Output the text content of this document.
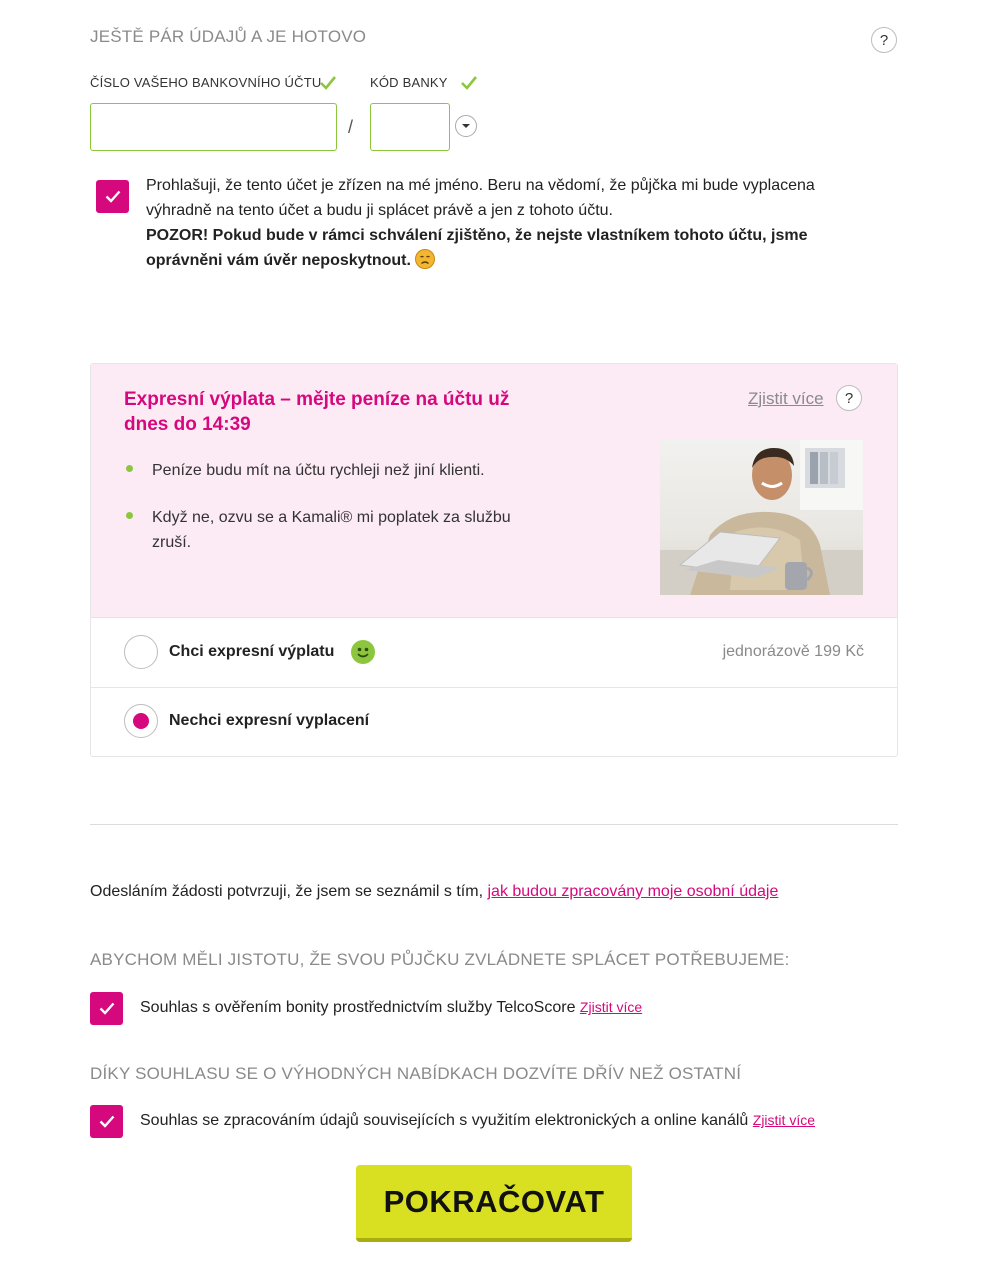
JEŠTĚ PÁR ÚDAJŮ A JE HOTOVO	?
ČÍSLO VAŠEHO BANKOVNÍHO ÚČTU	KÓD BANKY
/
Prohlašuji, že tento účet je zřízen na mé jméno. Beru na vědomí, že půjčka mi bude vyplacena výhradně na tento účet a budu ji splácet právě a jen z tohoto účtu.
POZOR! Pokud bude v rámci schválení zjištěno, že nejste vlastníkem tohoto účtu, jsme oprávněni vám úvěr neposkytnout.
Expresní výplata – mějte peníze na účtu už
dnes do 14:39
Zjistit více	?
Peníze budu mít na účtu rychleji než jiní klienti.
Když ne, ozvu se a Kamali® mi poplatek za službu zruší.
Chci expresní výplatu	jednorázově 199 Kč
Nechci expresní vyplacení
Odesláním žádosti potvrzuji, že jsem se seznámil s tím, jak budou zpracovány moje osobní údaje
ABYCHOM MĚLI JISTOTU, ŽE SVOU PŮJČKU ZVLÁDNETE SPLÁCET POTŘEBUJEME:
Souhlas s ověřením bonity prostřednictvím služby TelcoScore Zjistit více
DÍKY SOUHLASU SE O VÝHODNÝCH NABÍDKACH DOZVÍTE DŘÍV NEŽ OSTATNÍ
Souhlas se zpracováním údajů souvisejících s využitím elektronických a online kanálů Zjistit více
POKRAČOVAT
